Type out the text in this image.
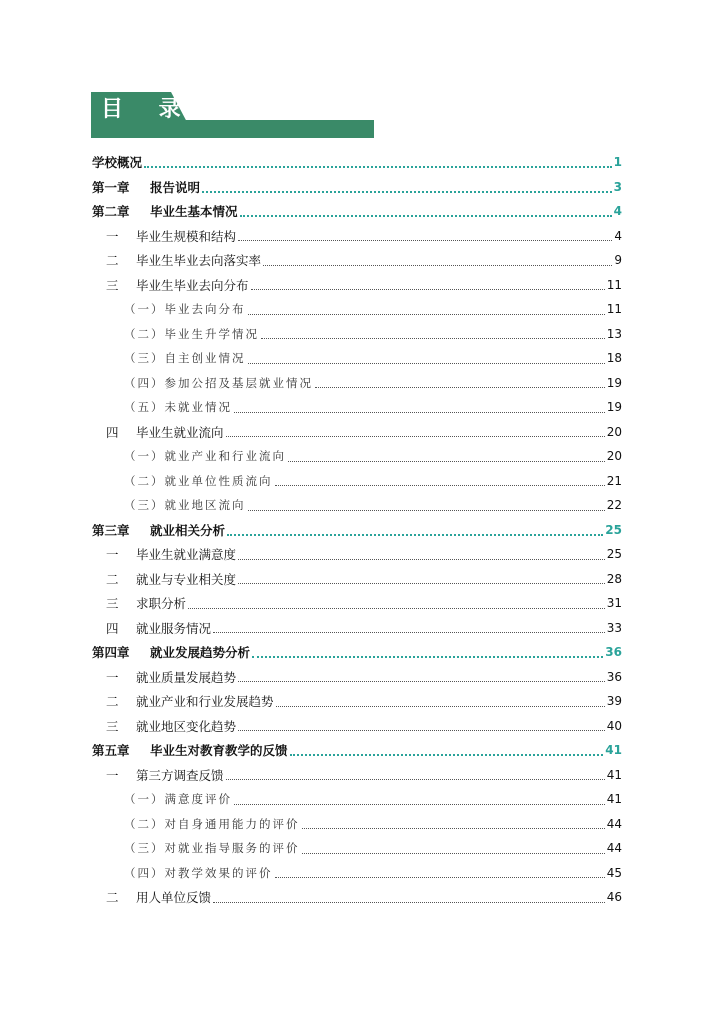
目 录
学校概况	1
第一章 报告说明	3
第二章 毕业生基本情况	4
一 毕业生规模和结构	4
二 毕业生毕业去向落实率	9
三 毕业生毕业去向分布	11
（一）毕业去向分布	11
（二）毕业生升学情况	13
（三）自主创业情况	18
（四）参加公招及基层就业情况	19
（五）未就业情况	19
四 毕业生就业流向	20
（一）就业产业和行业流向	20
（二）就业单位性质流向	21
（三）就业地区流向	22
第三章 就业相关分析	25
一 毕业生就业满意度	25
二 就业与专业相关度	28
三 求职分析	31
四 就业服务情况	33
第四章 就业发展趋势分析	36
一 就业质量发展趋势	36
二 就业产业和行业发展趋势	39
三 就业地区变化趋势	40
第五章 毕业生对教育教学的反馈	41
一 第三方调查反馈	41
（一）满意度评价	41
（二）对自身通用能力的评价	44
（三）对就业指导服务的评价	44
（四）对教学效果的评价	45
二 用人单位反馈	46
